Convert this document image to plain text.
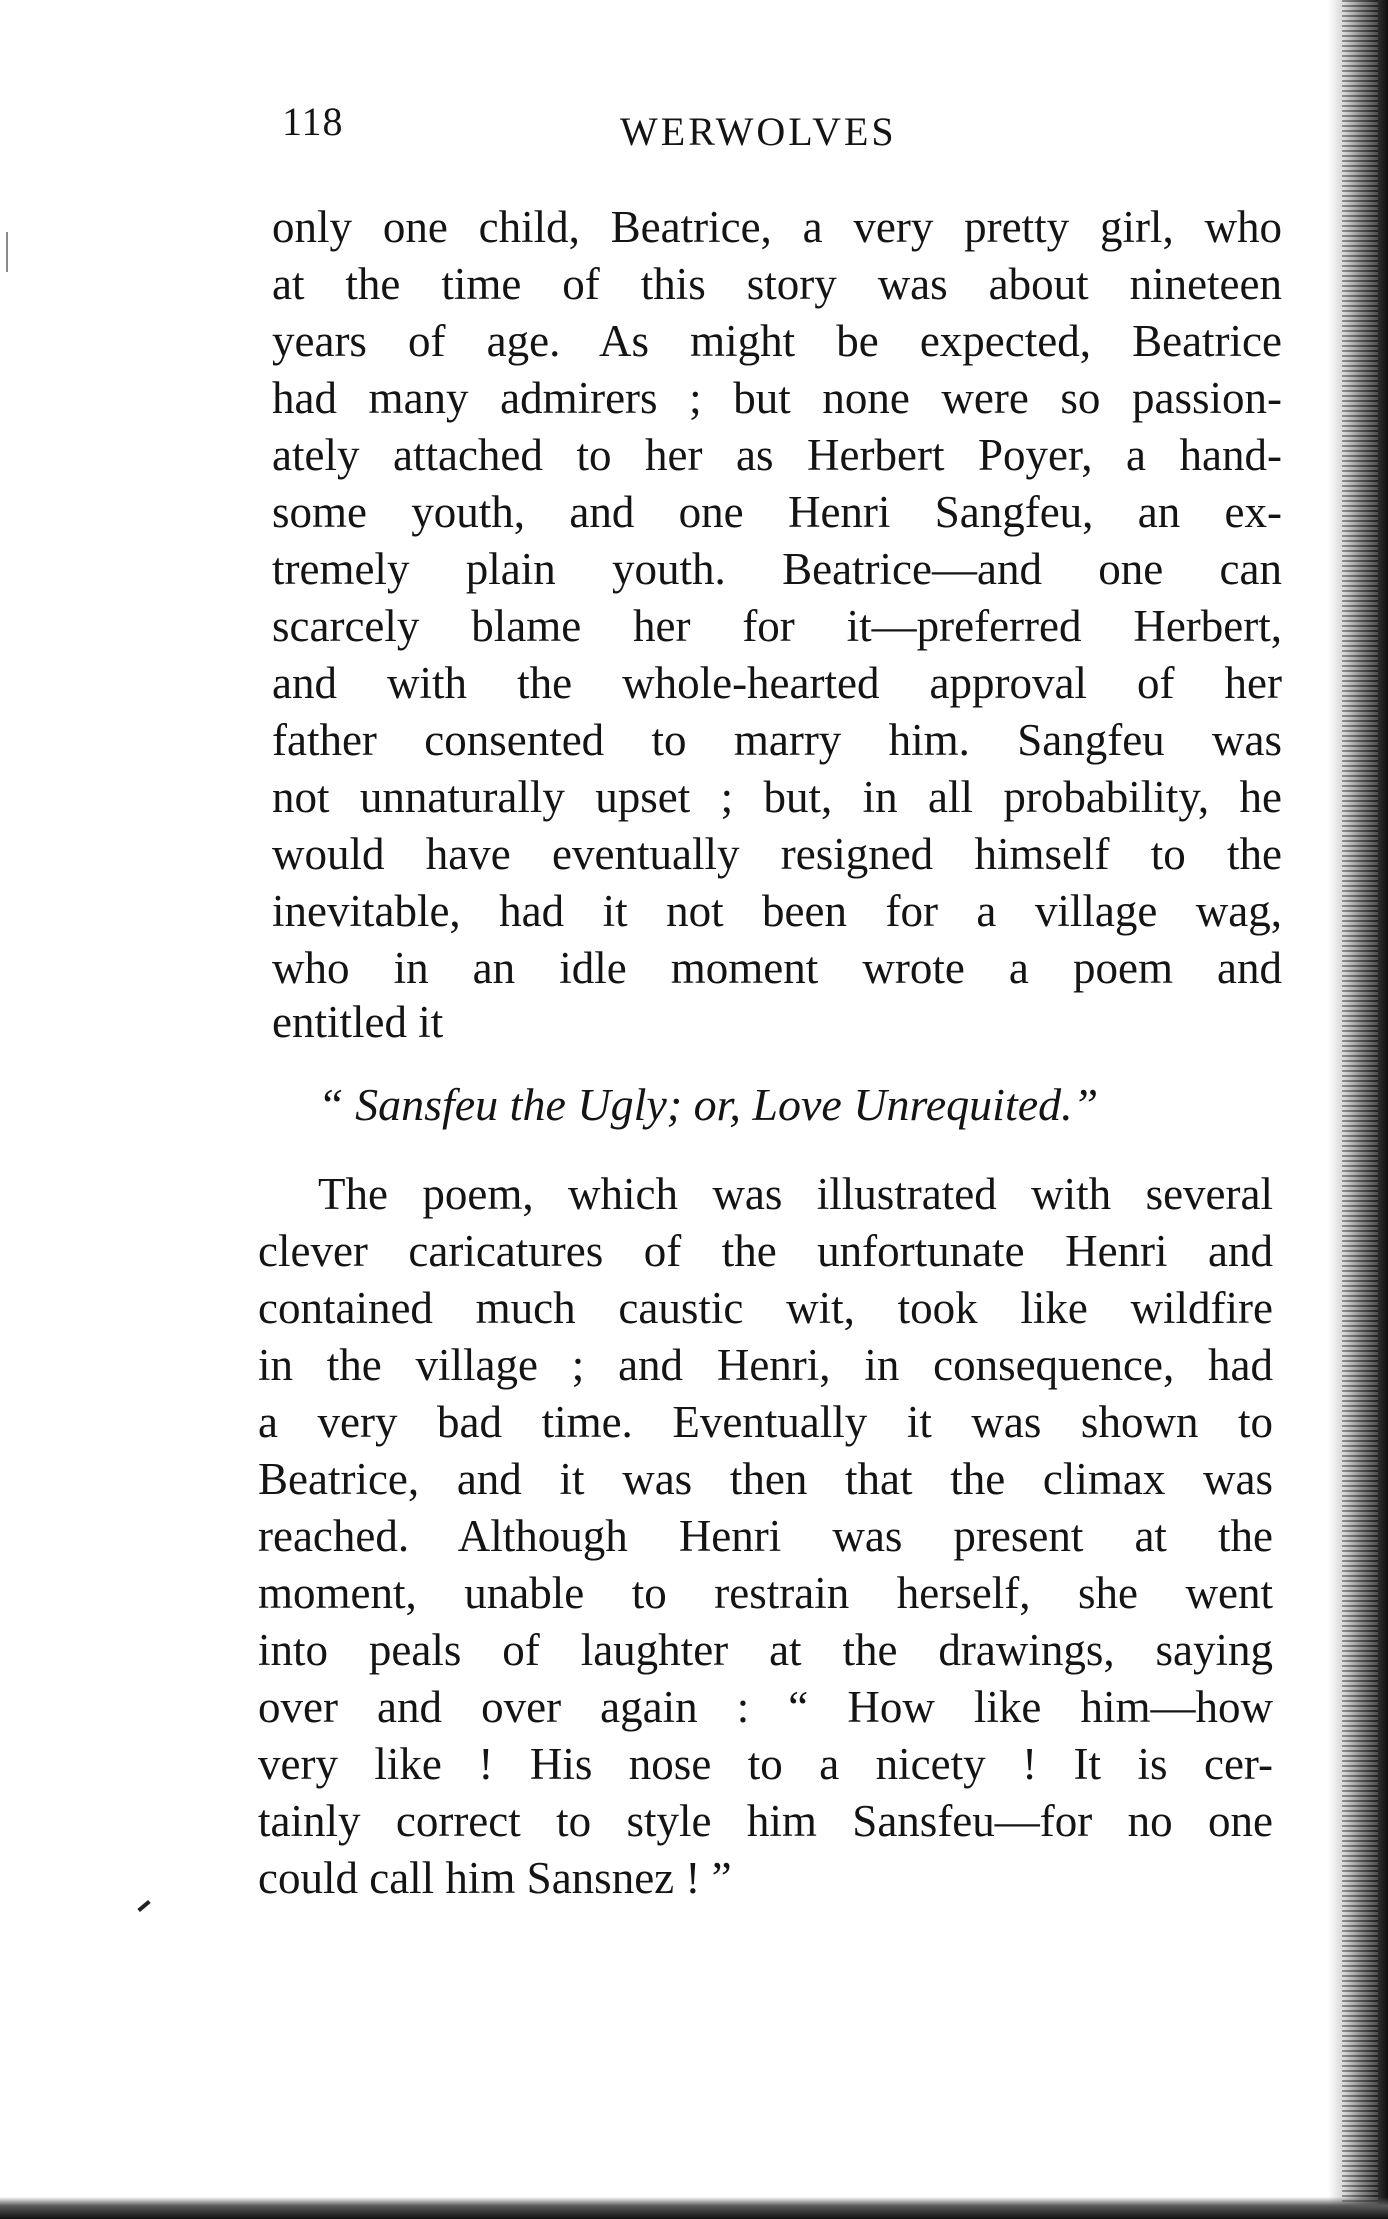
118	WERWOLVES
only one child, Beatrice, a very pretty girl, who
at the time of this story was about nineteen
years of age. As might be expected, Beatrice
had many admirers ; but none were so passion-
ately attached to her as Herbert Poyer, a hand-
some youth, and one Henri Sangfeu, an ex-
tremely plain youth. Beatrice—and one can
scarcely blame her for it—preferred Herbert,
and with the whole-hearted approval of her
father consented to marry him. Sangfeu was
not unnaturally upset ; but, in all probability, he
would have eventually resigned himself to the
inevitable, had it not been for a village wag,
who in an idle moment wrote a poem and
entitled it
“ Sansfeu the Ugly; or, Love Unrequited.”
The poem, which was illustrated with several
clever caricatures of the unfortunate Henri and
contained much caustic wit, took like wildfire
in the village ; and Henri, in consequence, had
a very bad time. Eventually it was shown to
Beatrice, and it was then that the climax was
reached. Although Henri was present at the
moment, unable to restrain herself, she went
into peals of laughter at the drawings, saying
over and over again : “ How like him—how
very like ! His nose to a nicety ! It is cer-
tainly correct to style him Sansfeu—for no one
could call him Sansnez ! ”
